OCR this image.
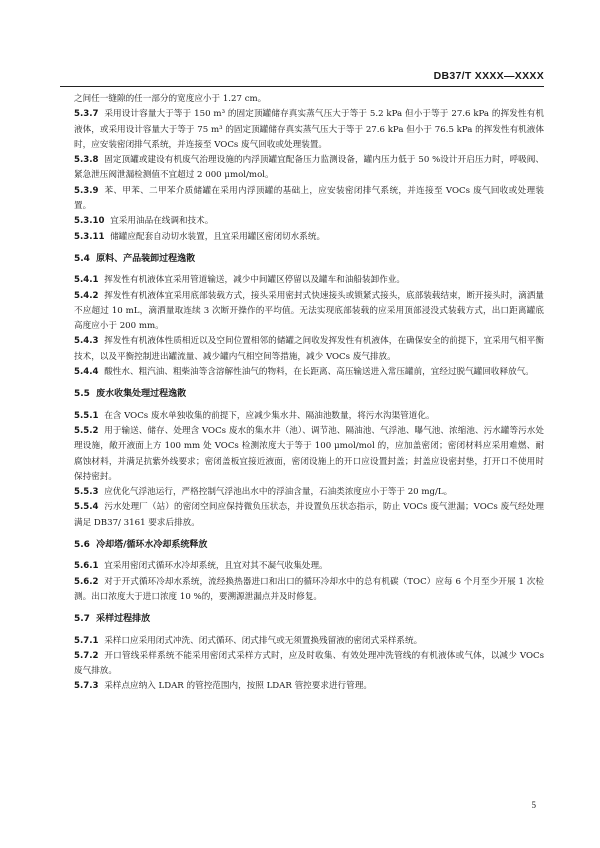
DB37/T XXXX—XXXX

之间任一缝隙的任一部分的宽度应小于 1.27 cm。

5.3.7 采用设计容量大于等于 150 m³ 的固定顶罐储存真实蒸气压大于等于 5.2 kPa 但小于等于 27.6 kPa 的挥发性有机液体，或采用设计容量大于等于 75 m³ 的固定顶罐储存真实蒸气压大于等于 27.6 kPa 但小于 76.5 kPa 的挥发性有机液体时，应安装密闭排气系统，并连接至 VOCs 废气回收或处理装置。

5.3.8 固定顶罐或建设有机废气治理设施的内浮顶罐宜配备压力监测设备，罐内压力低于 50 %设计开启压力时，呼吸阀、紧急泄压阀泄漏检测值不宜超过 2 000 μmol/mol。

5.3.9 苯、甲苯、二甲苯介质储罐在采用内浮顶罐的基础上，应安装密闭排气系统，并连接至 VOCs 废气回收或处理装置。

5.3.10 宜采用油品在线调和技术。

5.3.11 储罐应配套自动切水装置，且宜采用罐区密闭切水系统。

5.4 原料、产品装卸过程逸散

5.4.1 挥发性有机液体宜采用管道输送，减少中间罐区停留以及罐车和油船装卸作业。

5.4.2 挥发性有机液体宜采用底部装载方式，接头采用密封式快速接头或锁紧式接头，底部装载结束，断开接头时，滴洒量不应超过 10 mL，滴洒量取连续 3 次断开操作的平均值。无法实现底部装载的应采用顶部浸没式装载方式，出口距离罐底高度应小于 200 mm。

5.4.3 挥发性有机液体性质相近以及空间位置相邻的储罐之间收发挥发性有机液体，在确保安全的前提下，宜采用气相平衡技术，以及平衡控制进出罐流量、减少罐内气相空间等措施，减少 VOCs 废气排放。

5.4.4 酸性水、粗汽油、粗柴油等含溶解性油气的物料，在长距离、高压输送进入常压罐前，宜经过脱气罐回收释放气。

5.5 废水收集处理过程逸散

5.5.1 在含 VOCs 废水单独收集的前提下，应减少集水井、隔油池数量，将污水沟渠管道化。

5.5.2 用于输送、储存、处理含 VOCs 废水的集水井（池）、调节池、隔油池、气浮池、曝气池、浓缩池、污水罐等污水处理设施，敞开液面上方 100 mm 处 VOCs 检测浓度大于等于 100 μmol/mol 的，应加盖密闭；密闭材料应采用难燃、耐腐蚀材料，并满足抗紫外线要求；密闭盖板宜接近液面，密闭设施上的开口应设置封盖；封盖应设密封垫，打开口不使用时保持密封。

5.5.3 应优化气浮池运行，严格控制气浮池出水中的浮油含量，石油类浓度应小于等于 20 mg/L。

5.5.4 污水处理厂（站）的密闭空间应保持微负压状态，并设置负压状态指示，防止 VOCs 废气泄漏；VOCs 废气经处理满足 DB37/ 3161 要求后排放。

5.6 冷却塔/循环水冷却系统释放

5.6.1 宜采用密闭式循环水冷却系统，且宜对其不凝气收集处理。

5.6.2 对于开式循环冷却水系统，流经换热器进口和出口的循环冷却水中的总有机碳（TOC）应每 6 个月至少开展 1 次检测。出口浓度大于进口浓度 10 %的，要溯源泄漏点并及时修复。

5.7 采样过程排放

5.7.1 采样口应采用闭式冲洗、闭式循环、闭式排气或无须置换残留液的密闭式采样系统。

5.7.2 开口管线采样系统不能采用密闭式采样方式时，应及时收集、有效处理冲洗管线的有机液体或气体，以减少 VOCs 废气排放。

5.7.3 采样点应纳入 LDAR 的管控范围内，按照 LDAR 管控要求进行管理。

5
